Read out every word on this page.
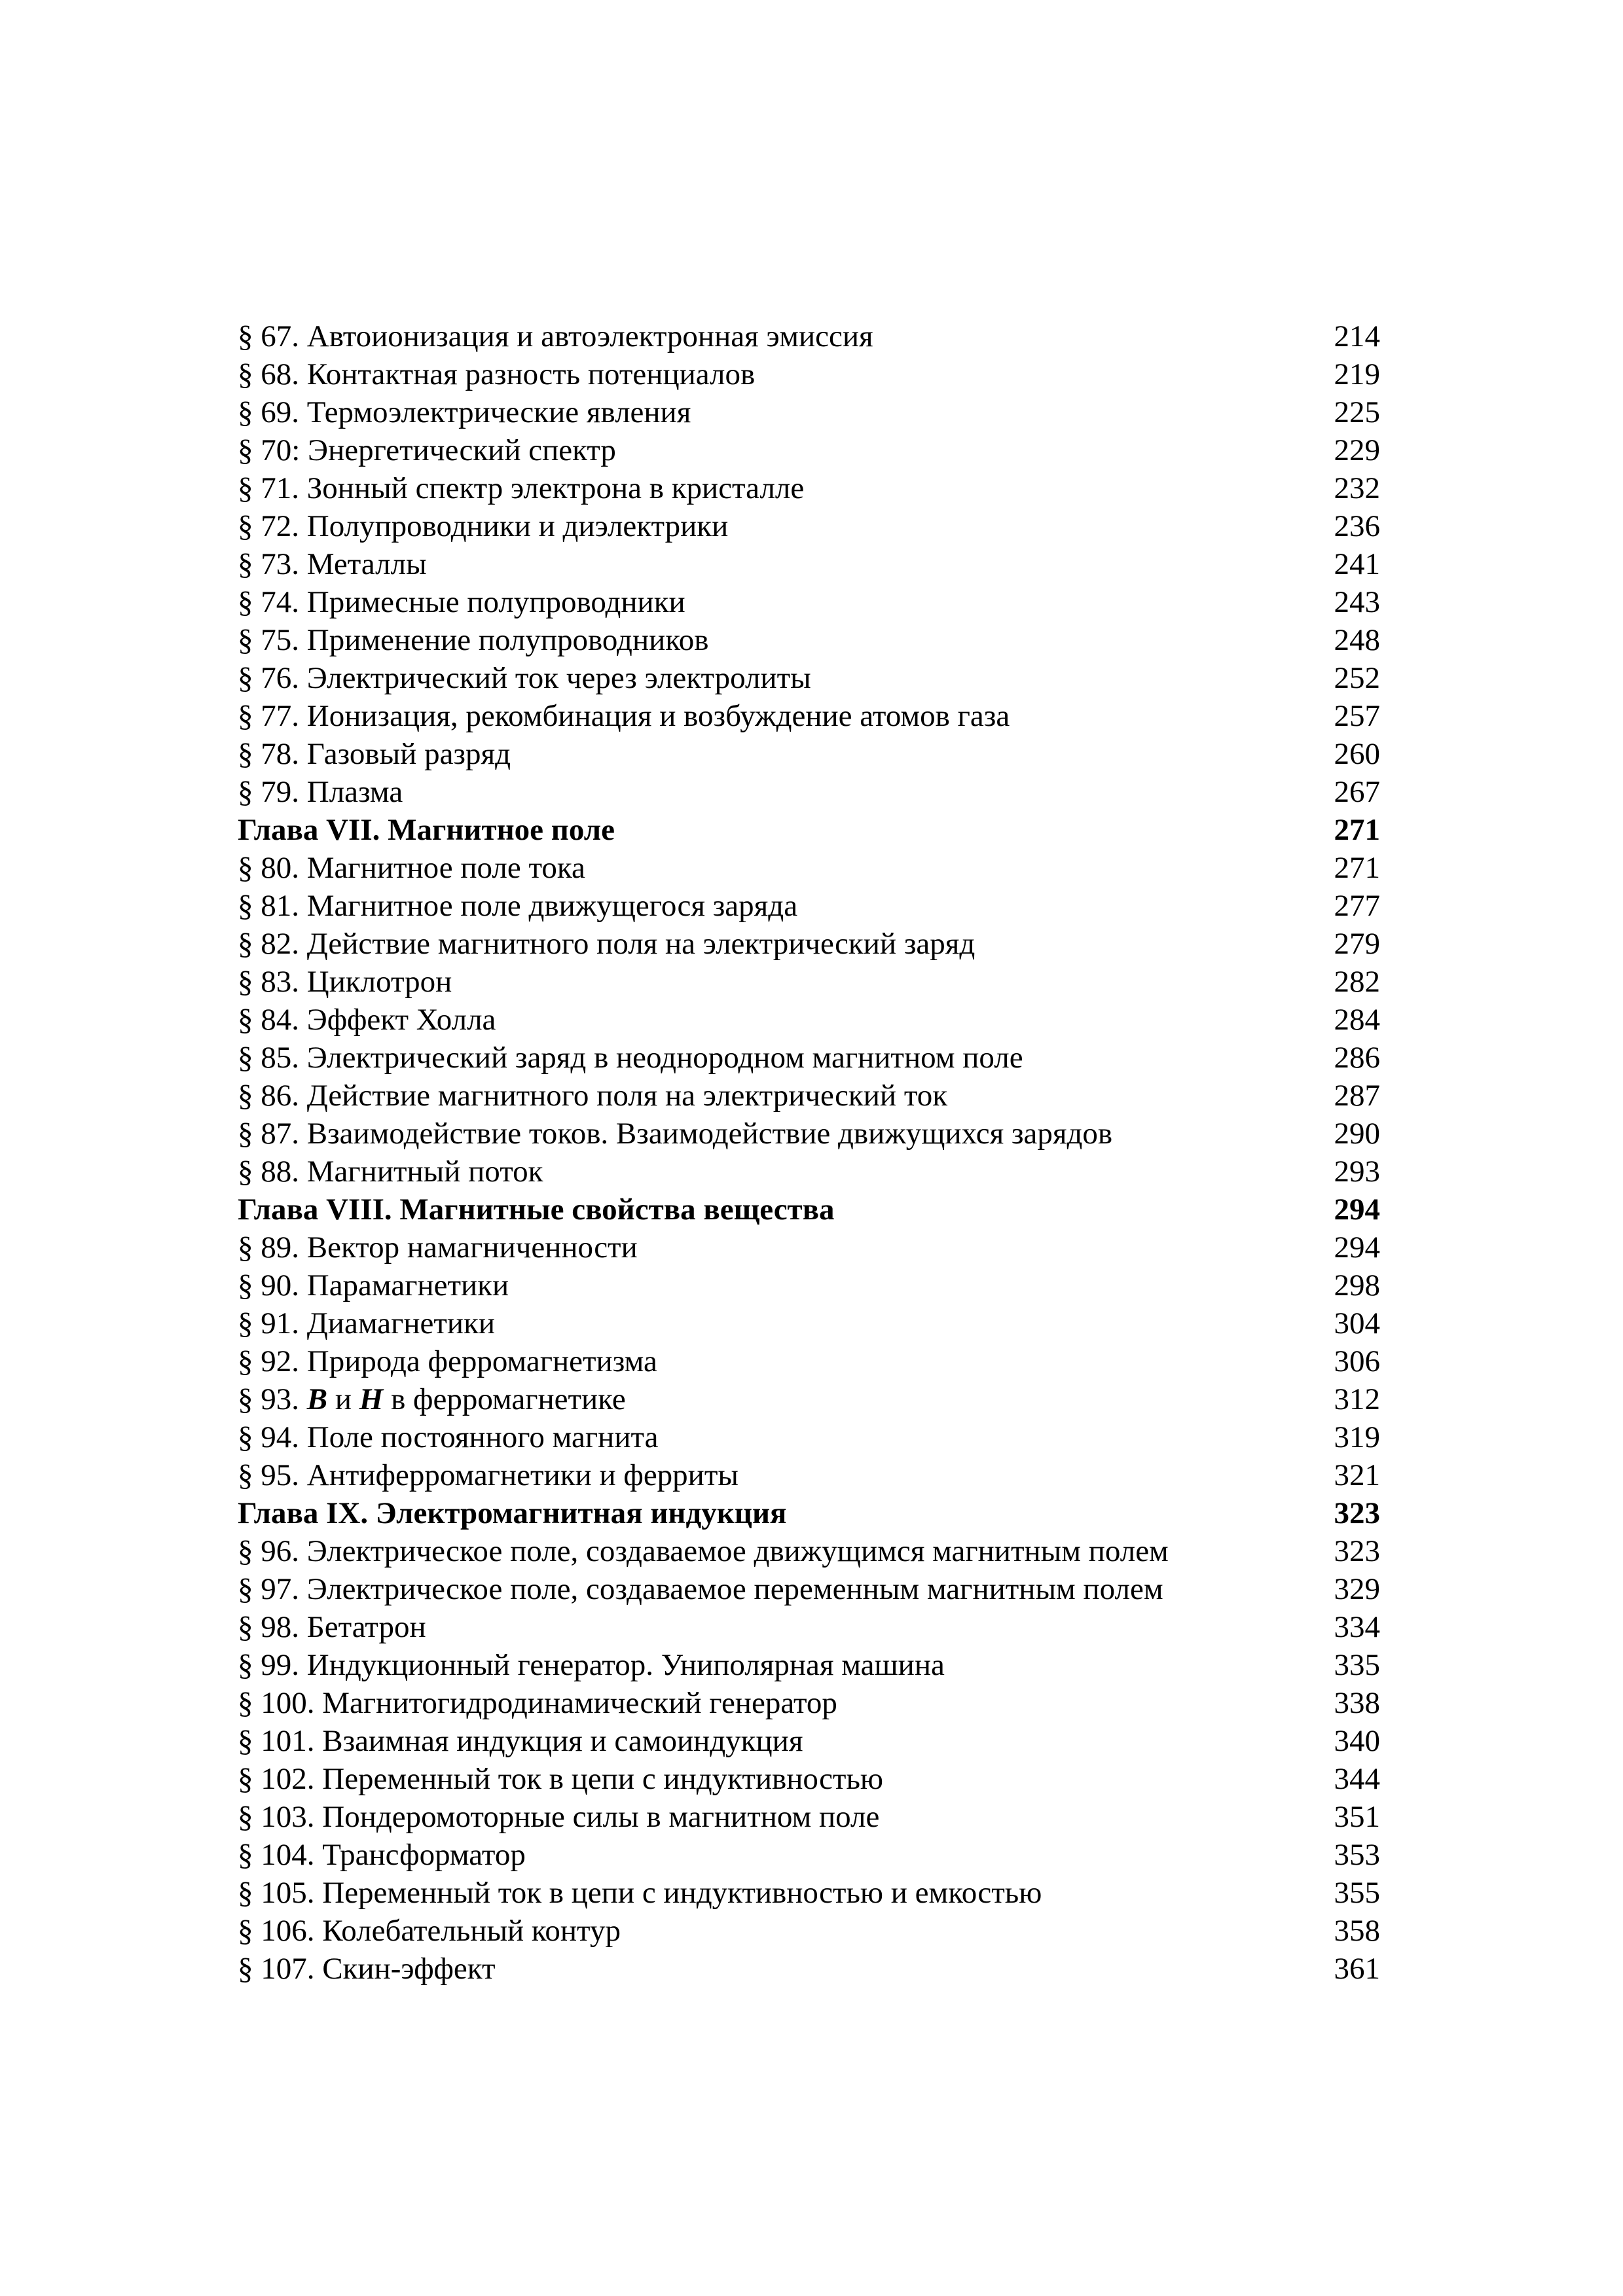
§ 67. Автоионизация и автоэлектронная эмиссия	214
§ 68. Контактная разность потенциалов	219
§ 69. Термоэлектрические явления	225
§ 70: Энергетический спектр	229
§ 71. Зонный спектр электрона в кристалле	232
§ 72. Полупроводники и диэлектрики	236
§ 73. Металлы	241
§ 74. Примесные полупроводники	243
§ 75. Применение полупроводников	248
§ 76. Электрический ток через электролиты	252
§ 77. Ионизация, рекомбинация и возбуждение атомов газа	257
§ 78. Газовый разряд	260
§ 79. Плазма	267
Глава VII. Магнитное поле	271
§ 80. Магнитное поле тока	271
§ 81. Магнитное поле движущегося заряда	277
§ 82. Действие магнитного поля на электрический заряд	279
§ 83. Циклотрон	282
§ 84. Эффект Холла	284
§ 85. Электрический заряд в неоднородном магнитном поле	286
§ 86. Действие магнитного поля на электрический ток	287
§ 87. Взаимодействие токов. Взаимодействие движущихся зарядов	290
§ 88. Магнитный поток	293
Глава VIII. Магнитные свойства вещества	294
§ 89. Вектор намагниченности	294
§ 90. Парамагнетики	298
§ 91. Диамагнетики	304
§ 92. Природа ферромагнетизма	306
§ 93. B и H в ферромагнетике	312
§ 94. Поле постоянного магнита	319
§ 95. Антиферромагнетики и ферриты	321
Глава IX. Электромагнитная индукция	323
§ 96. Электрическое поле, создаваемое движущимся магнитным полем	323
§ 97. Электрическое поле, создаваемое переменным магнитным полем	329
§ 98. Бетатрон	334
§ 99. Индукционный генератор. Униполярная машина	335
§ 100. Магнитогидродинамический генератор	338
§ 101. Взаимная индукция и самоиндукция	340
§ 102. Переменный ток в цепи с индуктивностью	344
§ 103. Пондеромоторные силы в магнитном поле	351
§ 104. Трансформатор	353
§ 105. Переменный ток в цепи с индуктивностью и емкостью	355
§ 106. Колебательный контур	358
§ 107. Скин-эффект	361
